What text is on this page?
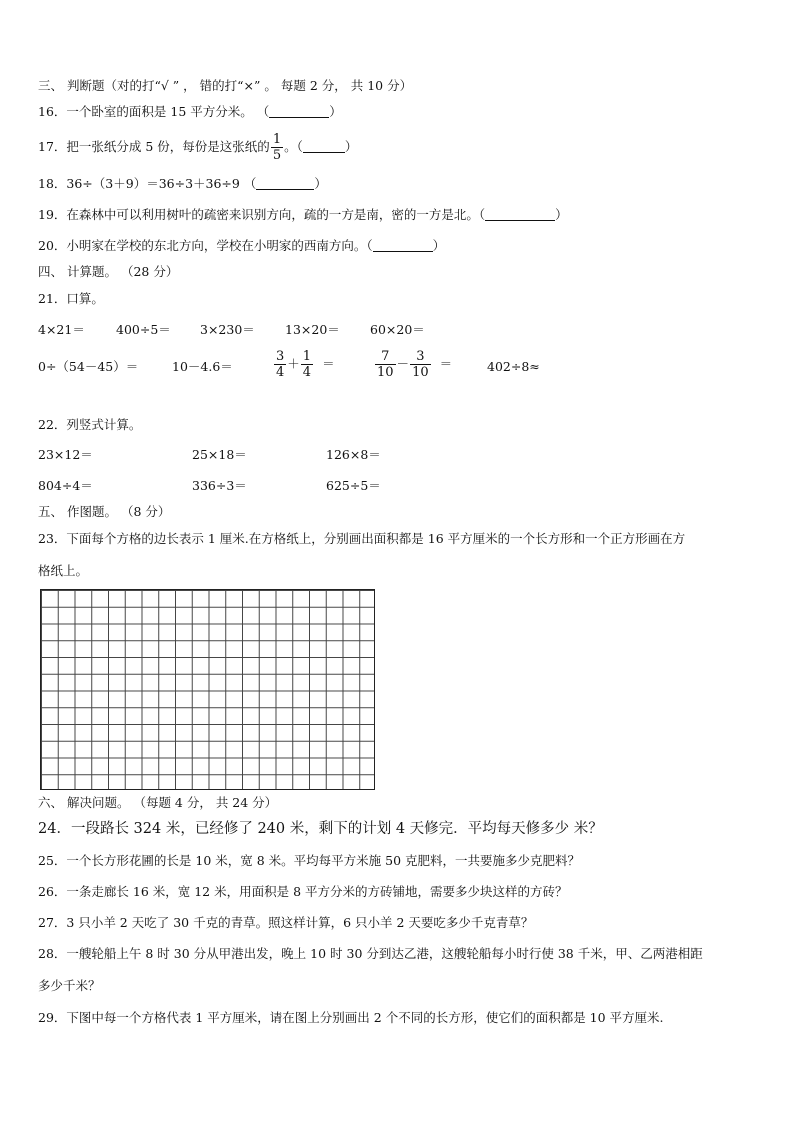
三、 判断题（对的打“√ ” ， 错的打“×” 。 每题 2 分， 共 10 分）
16．一个卧室的面积是 15 平方分米。 （	）
17．把一张纸分成 5 份，每份是这张纸的 $\frac{1}{5}$ 。（	）
18．36÷（3＋9）＝36÷3＋36÷9 （	）
19．在森林中可以利用树叶的疏密来识别方向，疏的一方是南，密的一方是北。（	）
20．小明家在学校的东北方向，学校在小明家的西南方向。（	）
四、 计算题。 （28 分）
21．口算。
4×21＝ 400÷5＝ 3×230＝ 13×20＝ 60×20＝
0÷（54－45）＝	10－4.6＝	$\frac{3}{4} + \frac{1}{4}$ ＝	$\frac{7}{10} - \frac{3}{10}$ ＝	402÷8≈
22．列竖式计算。
23×12＝	25×18＝	126×8＝
804÷4＝	336÷3＝	625÷5＝
五、 作图题。 （8 分）
23．下面每个方格的边长表示 1 厘米.在方格纸上，分别画出面积都是 16 平方厘米的一个长方形和一个正方形画在方
格纸上。
六、 解决问题。 （每题 4 分， 共 24 分）
24．一段路长 324 米，已经修了 240 米，剩下的计划 4 天修完．平均每天修多少 米？
25．一个长方形花圃的长是 10 米，宽 8 米。平均每平方米施 50 克肥料，一共要施多少克肥料？
26．一条走廊长 16 米，宽 12 米，用面积是 8 平方分米的方砖铺地，需要多少块这样的方砖？
27．3 只小羊 2 天吃了 30 千克的青草。照这样计算，6 只小羊 2 天要吃多少千克青草？
28．一艘轮船上午 8 时 30 分从甲港出发，晚上 10 时 30 分到达乙港，这艘轮船每小时行使 38 千米，甲、乙两港相距
多少千米？
29．下图中每一个方格代表 1 平方厘米，请在图上分别画出 2 个不同的长方形，使它们的面积都是 10 平方厘米.
